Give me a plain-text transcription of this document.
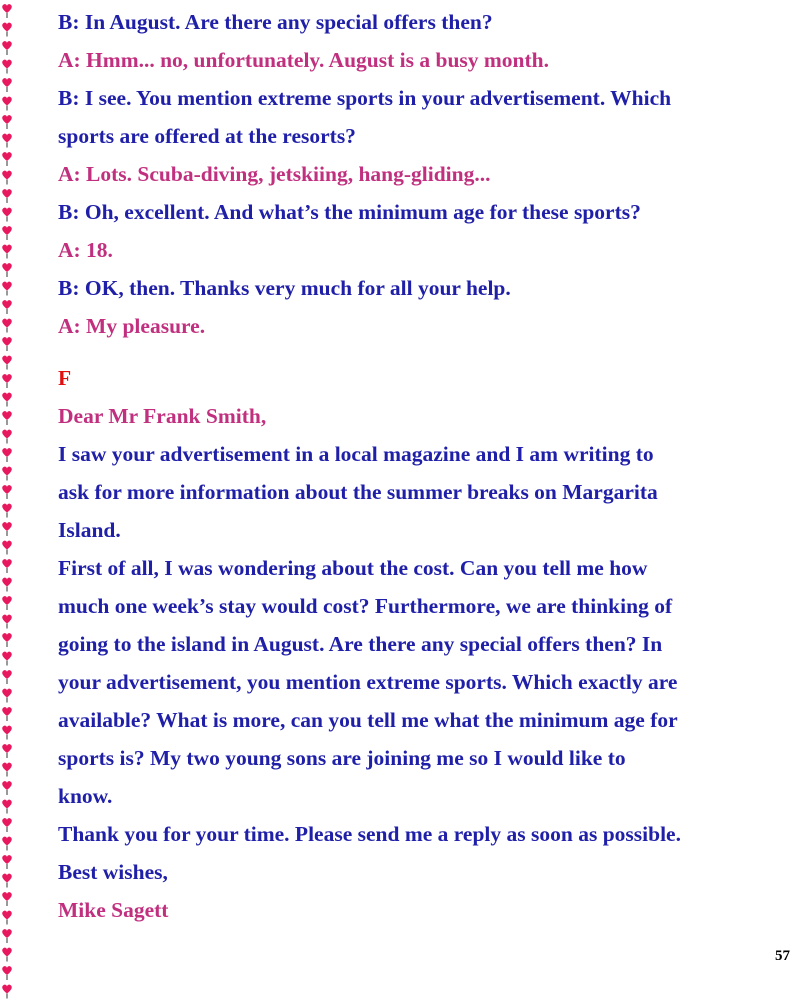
B: In August. Are there any special offers then?
A: Hmm... no, unfortunately. August is a busy month.
B: I see. You mention extreme sports in your advertisement. Which
sports are offered at the resorts?
A: Lots. Scuba-diving, jetskiing, hang-gliding...
B: Oh, excellent. And what’s the minimum age for these sports?
A: 18.
B: OK, then. Thanks very much for all your help.
A: My pleasure.
F
Dear Mr Frank Smith,
I saw your advertisement in a local magazine and I am writing to
ask for more information about the summer breaks on Margarita
Island.
First of all, I was wondering about the cost. Can you tell me how
much one week’s stay would cost? Furthermore, we are thinking of
going to the island in August. Are there any special offers then? In
your advertisement, you mention extreme sports. Which exactly are
available? What is more, can you tell me what the minimum age for
sports is? My two young sons are joining me so I would like to
know.
Thank you for your time. Please send me a reply as soon as possible.
Best wishes,
Mike Sagett
57
